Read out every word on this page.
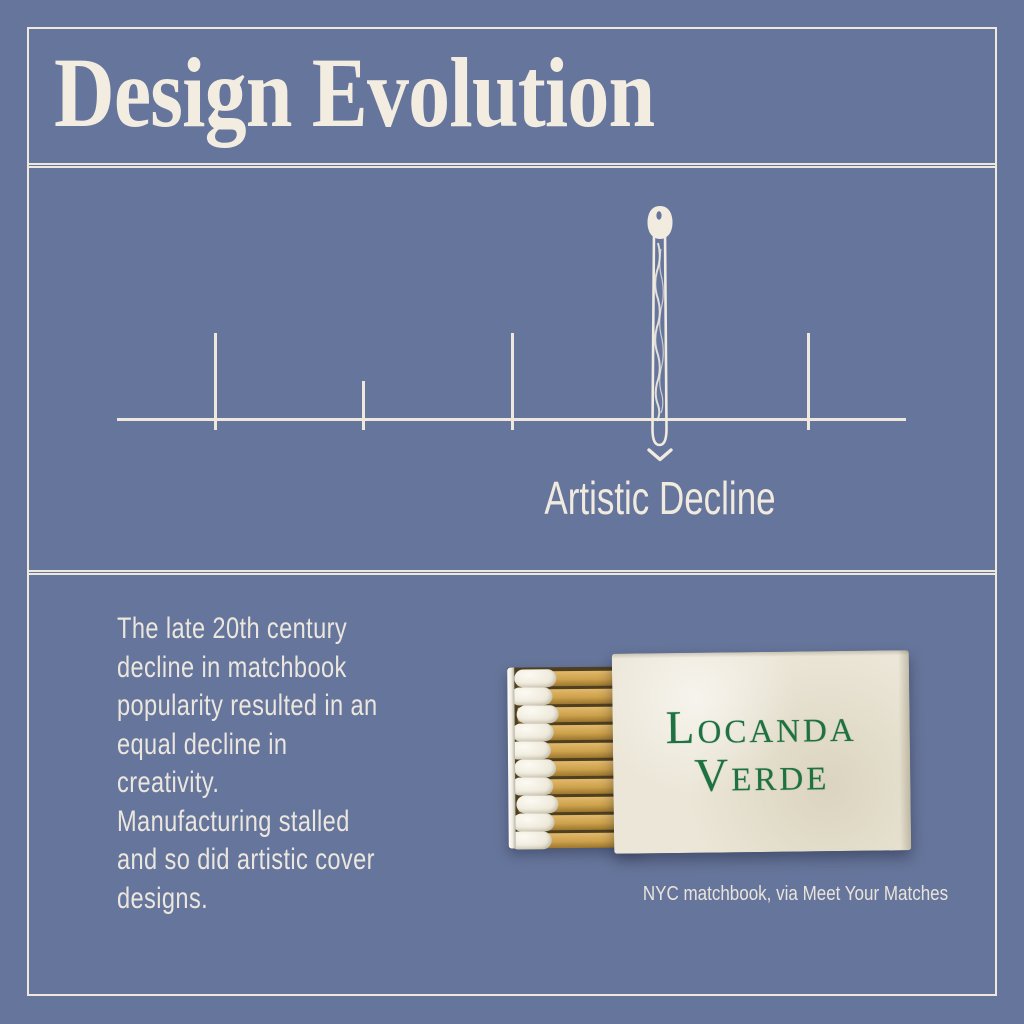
Design Evolution
Artistic Decline
The late 20th century
decline in matchbook
popularity resulted in an
equal decline in
creativity.
Manufacturing stalled
and so did artistic cover
designs.
Locanda
Verde
NYC matchbook, via Meet Your Matches
